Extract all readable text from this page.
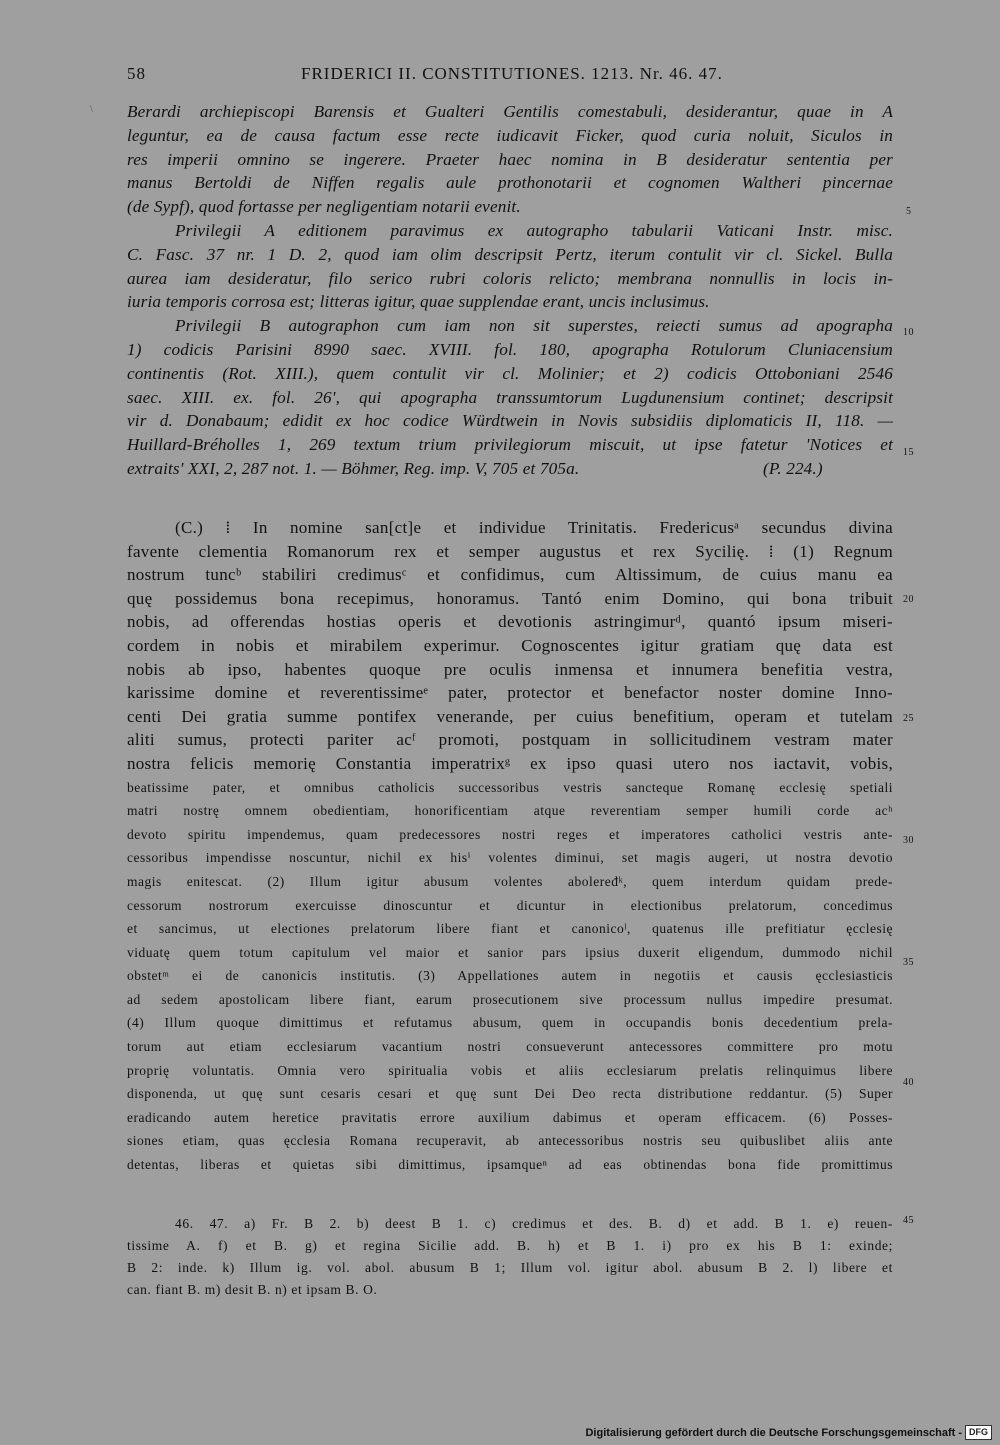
\
58	FRIDERICI II. CONSTITUTIONES. 1213. Nr. 46. 47.
Berardi archiepiscopi Barensis et Gualteri Gentilis comestabuli, desiderantur, quae in A
leguntur, ea de causa factum esse recte iudicavit Ficker, quod curia noluit, Siculos in
res imperii omnino se ingerere. Praeter haec nomina in B desideratur sententia per
manus Bertoldi de Niffen regalis aule prothonotarii et cognomen Waltheri pincernae
(de Sypf), quod fortasse per negligentiam notarii evenit.
Privilegii A editionem paravimus ex autographo tabularii Vaticani Instr. misc.
C. Fasc. 37 nr. 1 D. 2, quod iam olim descripsit Pertz, iterum contulit vir cl. Sickel. Bulla
aurea iam desideratur, filo serico rubri coloris relicto; membrana nonnullis in locis in-
iuria temporis corrosa est; litteras igitur, quae supplendae erant, uncis inclusimus.
Privilegii B autographon cum iam non sit superstes, reiecti sumus ad apographa
1) codicis Parisini 8990 saec. XVIII. fol. 180, apographa Rotulorum Cluniacensium
continentis (Rot. XIII.), quem contulit vir cl. Molinier; et 2) codicis Ottoboniani 2546
saec. XIII. ex. fol. 26', qui apographa transsumtorum Lugdunensium continet; descripsit
vir d. Donabaum; edidit ex hoc codice Würdtwein in Novis subsidiis diplomaticis II, 118. —
Huillard-Bréholles 1, 269 textum trium privilegiorum miscuit, ut ipse fatetur 'Notices et
extraits' XXI, 2, 287 not. 1. — Böhmer, Reg. imp. V, 705 et 705a.	(P. 224.)
(C.) ⁞ In nomine san[ct]e et individue Trinitatis. Fredericusᵃ secundus divina
favente clementia Romanorum rex et semper augustus et rex Sycilię. ⁞ (1) Regnum
nostrum tuncᵇ stabiliri credimusᶜ et confidimus, cum Altissimum, de cuius manu ea
quę possidemus bona recepimus, honoramus. Tantó enim Domino, qui bona tribuit
nobis, ad offerendas hostias operis et devotionis astringimurᵈ, quantó ipsum miseri-
cordem in nobis et mirabilem experimur. Cognoscentes igitur gratiam quę data est
nobis ab ipso, habentes quoque pre oculis inmensa et innumera benefitia vestra,
karissime domine et reverentissimeᵉ pater, protector et benefactor noster domine Inno-
centi Dei gratia summe pontifex venerande, per cuius benefitium, operam et tutelam
aliti sumus, protecti pariter acᶠ promoti, postquam in sollicitudinem vestram mater
nostra felicis memorię Constantia imperatrixᵍ ex ipso quasi utero nos iactavit, vobis,
beatissime pater, et omnibus catholicis successoribus vestris sancteque Romanę ecclesię spetiali
matri nostrę omnem obedientiam, honorificentiam atque reverentiam semper humili corde acʰ
devoto spiritu impendemus, quam predecessores nostri reges et imperatores catholici vestris ante-
cessoribus impendisse noscuntur, nichil ex hisⁱ volentes diminui, set magis augeri, ut nostra devotio
magis enitescat. (2) Illum igitur abusum volentes aboleređᵏ, quem interdum quidam prede-
cessorum nostrorum exercuisse dinoscuntur et dicuntur in electionibus prelatorum, concedimus
et sancimus, ut electiones prelatorum libere fiant et canonicoˡ, quatenus ille prefitiatur ęcclesię
viduatę quem totum capitulum vel maior et sanior pars ipsius duxerit eligendum, dummodo nichil
obstetᵐ ei de canonicis institutis. (3) Appellationes autem in negotiis et causis ęcclesiasticis
ad sedem apostolicam libere fiant, earum prosecutionem sive processum nullus impedire presumat.
(4) Illum quoque dimittimus et refutamus abusum, quem in occupandis bonis decedentium prela-
torum aut etiam ecclesiarum vacantium nostri consueverunt antecessores committere pro motu
proprię voluntatis. Omnia vero spiritualia vobis et aliis ecclesiarum prelatis relinquimus libere
disponenda, ut quę sunt cesaris cesari et quę sunt Dei Deo recta distributione reddantur. (5) Super
eradicando autem heretice pravitatis errore auxilium dabimus et operam efficacem. (6) Posses-
siones etiam, quas ęcclesia Romana recuperavit, ab antecessoribus nostris seu quibuslibet aliis ante
detentas, liberas et quietas sibi dimittimus, ipsamqueⁿ ad eas obtinendas bona fide promittimus
46. 47. a) Fr. B 2. b) deest B 1. c) credimus et des. B. d) et add. B 1. e) reuen-
tissime A. f) et B. g) et regina Sicilie add. B. h) et B 1. i) pro ex his B 1: exinde;
B 2: inde. k) Illum ig. vol. abol. abusum B 1; Illum vol. igitur abol. abusum B 2. l) libere et
can. fiant B. m) desit B. n) et ipsam B. O.
5
10
15
20
25
30
35
40
45
Digitalisierung gefördert durch die Deutsche Forschungsgemeinschaft - DFG
